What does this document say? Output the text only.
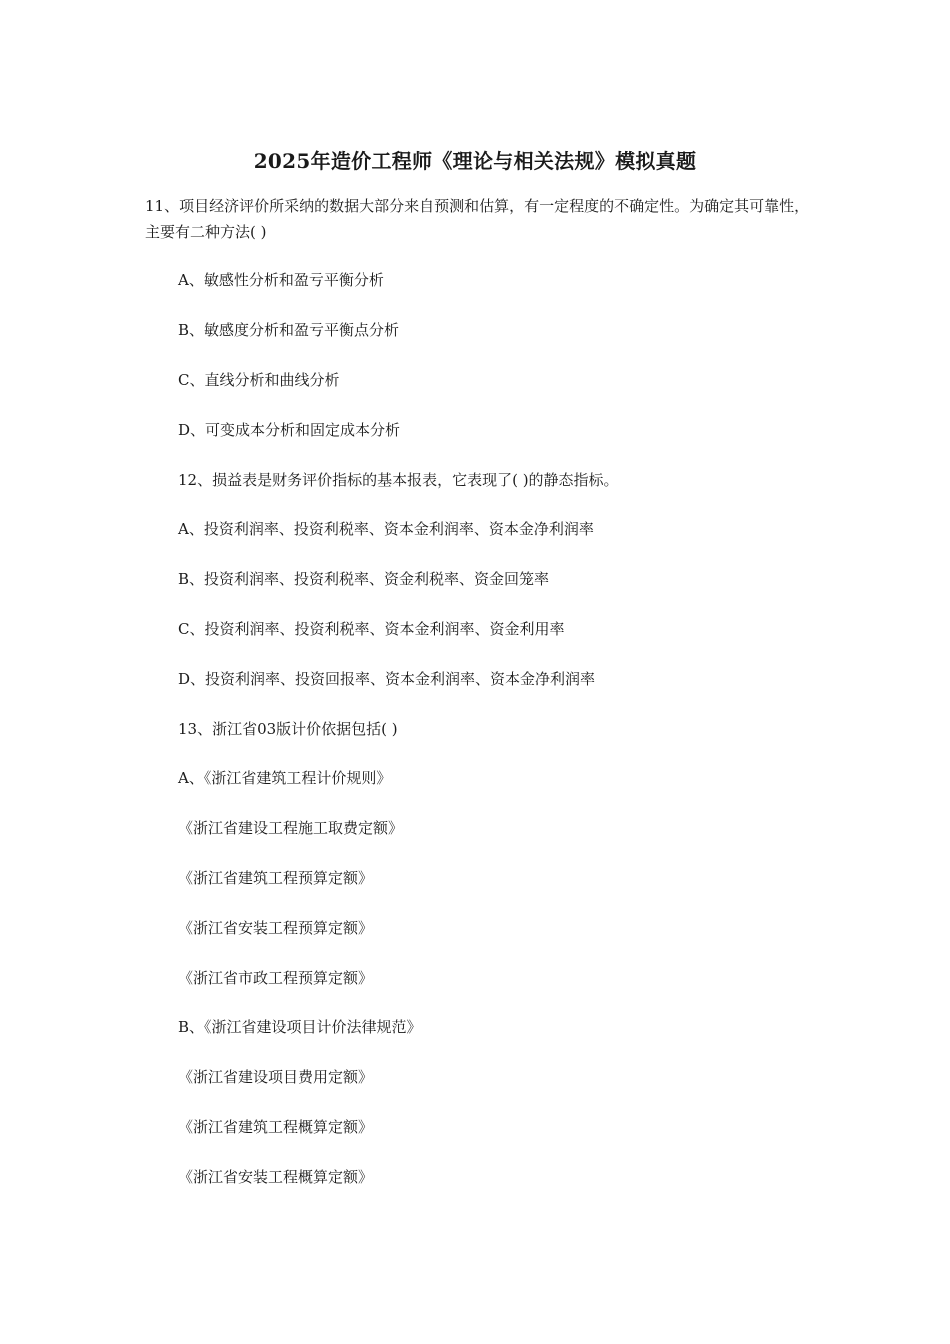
2025年造价工程师《理论与相关法规》模拟真题
11、项目经济评价所采纳的数据大部分来自预测和估算，有一定程度的不确定性。为确定其可靠性，主要有二种方法( )
A、敏感性分析和盈亏平衡分析
B、敏感度分析和盈亏平衡点分析
C、直线分析和曲线分析
D、可变成本分析和固定成本分析
12、损益表是财务评价指标的基本报表，它表现了( )的静态指标。
A、投资利润率、投资利税率、资本金利润率、资本金净利润率
B、投资利润率、投资利税率、资金利税率、资金回笼率
C、投资利润率、投资利税率、资本金利润率、资金利用率
D、投资利润率、投资回报率、资本金利润率、资本金净利润率
13、浙江省03版计价依据包括( )
A、《浙江省建筑工程计价规则》
《浙江省建设工程施工取费定额》
《浙江省建筑工程预算定额》
《浙江省安装工程预算定额》
《浙江省市政工程预算定额》
B、《浙江省建设项目计价法律规范》
《浙江省建设项目费用定额》
《浙江省建筑工程概算定额》
《浙江省安装工程概算定额》
